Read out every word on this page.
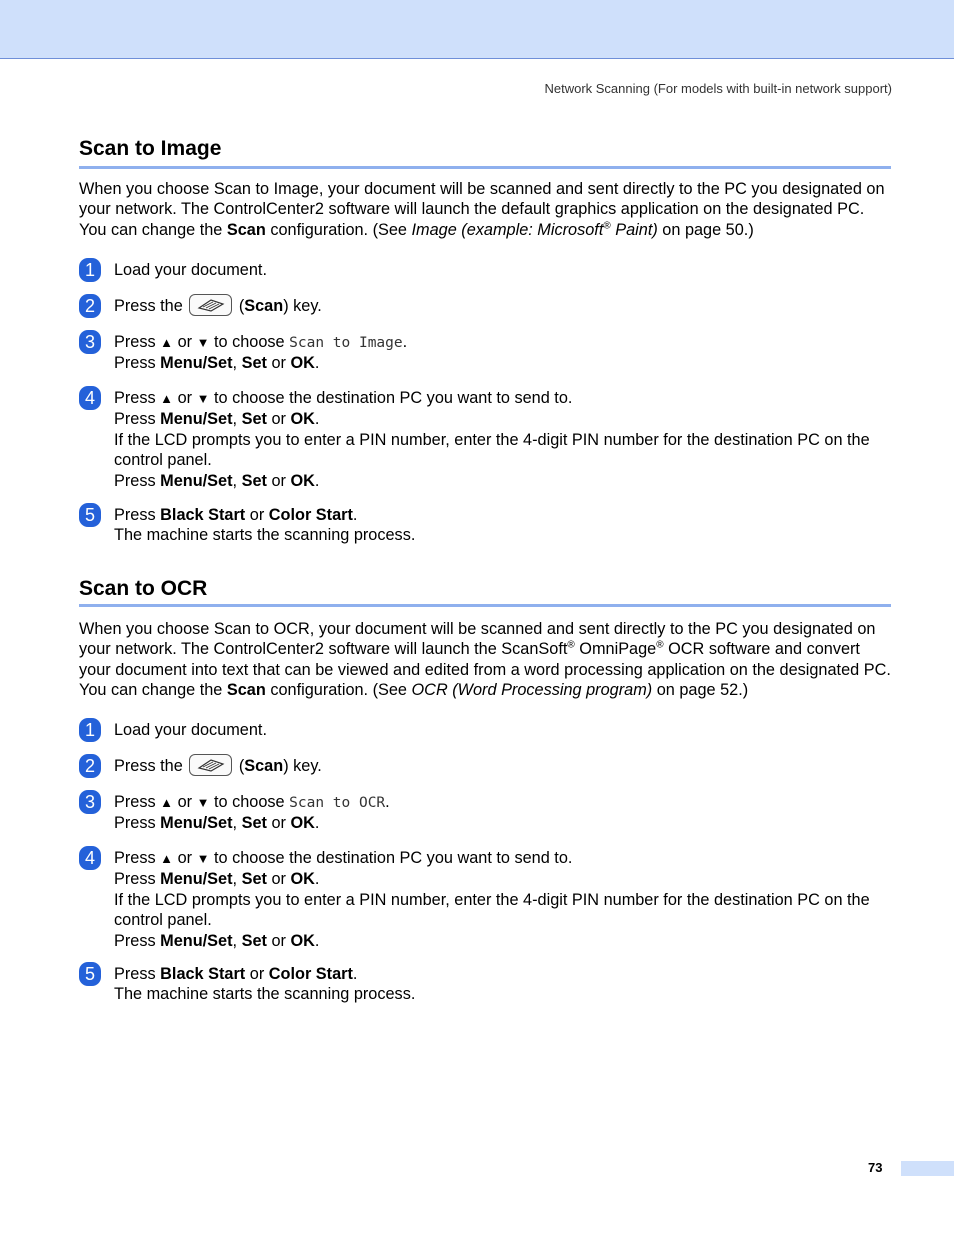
Network Scanning (For models with built-in network support)
Scan to Image

When you choose Scan to Image, your document will be scanned and sent directly to the PC you designated on your network. The ControlCenter2 software will launch the default graphics application on the designated PC. You can change the Scan configuration. (See Image (example: Microsoft® Paint) on page 50.)

1	Load your document.
2	Press the	(Scan) key.
3	Press ▲ or ▼ to choose Scan to Image.
Press Menu/Set, Set or OK.
4	Press ▲ or ▼ to choose the destination PC you want to send to.
Press Menu/Set, Set or OK.
If the LCD prompts you to enter a PIN number, enter the 4-digit PIN number for the destination PC on the control panel.
Press Menu/Set, Set or OK.
5	Press Black Start or Color Start.
The machine starts the scanning process.
Scan to OCR

When you choose Scan to OCR, your document will be scanned and sent directly to the PC you designated on your network. The ControlCenter2 software will launch the ScanSoft® OmniPage® OCR software and convert your document into text that can be viewed and edited from a word processing application on the designated PC. You can change the Scan configuration. (See OCR (Word Processing program) on page 52.)

1	Load your document.
2	Press the	(Scan) key.
3	Press ▲ or ▼ to choose Scan to OCR.
Press Menu/Set, Set or OK.
4	Press ▲ or ▼ to choose the destination PC you want to send to.
Press Menu/Set, Set or OK.
If the LCD prompts you to enter a PIN number, enter the 4-digit PIN number for the destination PC on the control panel.
Press Menu/Set, Set or OK.
5	Press Black Start or Color Start.
The machine starts the scanning process.
73
